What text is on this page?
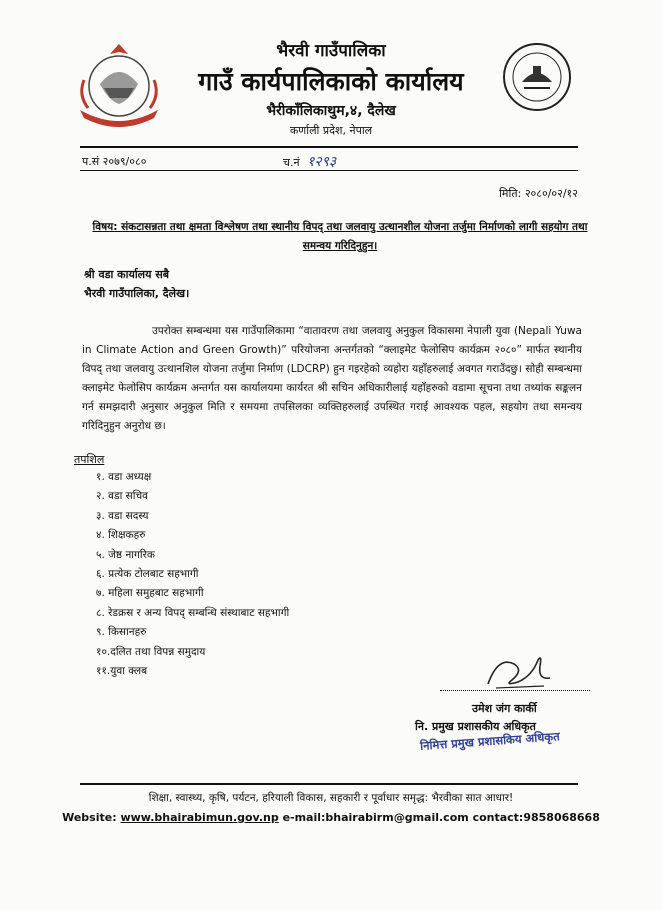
भैरवी गाउँपालिका
गाउँ कार्यपालिकाको कार्यालय
भैरीकाँलिकाथुम,४, दैलेख
कर्णाली प्रदेश, नेपाल
प.सं २०७९/०८०	च.नं १२९३
मिति: २०८०/०२/१२
विषय: संकटासन्नता तथा क्षमता विश्लेषण तथा स्थानीय विपद् तथा जलवायु उत्थानशील योजना तर्जुमा निर्माणको लागी सहयोग तथा समन्वय गरिदिनुहुन।
श्री वडा कार्यालय सबै
भैरवी गाउँपालिका, दैलेख।
उपरोक्त सम्बन्धमा यस गाउँपालिकामा “वातावरण तथा जलवायु अनुकुल विकासमा नेपाली युवा (Nepali Yuwa in Climate Action and Green Growth)” परियोजना अन्तर्गतको “क्लाइमेट फेलोसिप कार्यक्रम २०८०” मार्फत स्थानीय विपद् तथा जलवायु उत्थानशिल योजना तर्जुमा निर्माण (LDCRP) हुन गइरहेको व्यहोरा यहाँहरुलाई अवगत गराउँदछु। सोही सम्बन्धमा क्लाइमेट फेलोसिप कार्यक्रम अन्तर्गत यस कार्यालयमा कार्यरत श्री सचिन अधिकारीलाई यहाँहरुको वडामा सूचना तथा तथ्यांक सङ्कलन गर्न समझदारी अनुसार अनुकुल मिति र समयमा तपसिलका व्यक्तिहरुलाई उपस्थित गराई आवश्यक पहल, सहयोग तथा समन्वय गरिदिनुहुन अनुरोध छ।
तपशिल
१. वडा अध्यक्ष
२. वडा सचिव
३. वडा सदस्य
४. शिक्षकहरु
५. जेष्ठ नागरिक
६. प्रत्येक टोलबाट सहभागी
७. महिला समुहबाट सहभागी
८. रेडक्रस र अन्य विपद् सम्बन्धि संस्थाबाट सहभागी
९. किसानहरु
१०.दलित तथा विपन्न समुदाय
११.युवा क्लब
उमेश जंग कार्की
नि. प्रमुख प्रशासकीय अधिकृत
निमित्त प्रमुख प्रशासकिय अधिकृत
शिक्षा, स्वास्थ्य, कृषि, पर्यटन, हरियाली विकास, सहकारी र पूर्वाधार समृद्ध: भैरवीका सात आधार!
Website: www.bhairabimun.gov.np e-mail:bhairabirm@gmail.com contact:9858068668
